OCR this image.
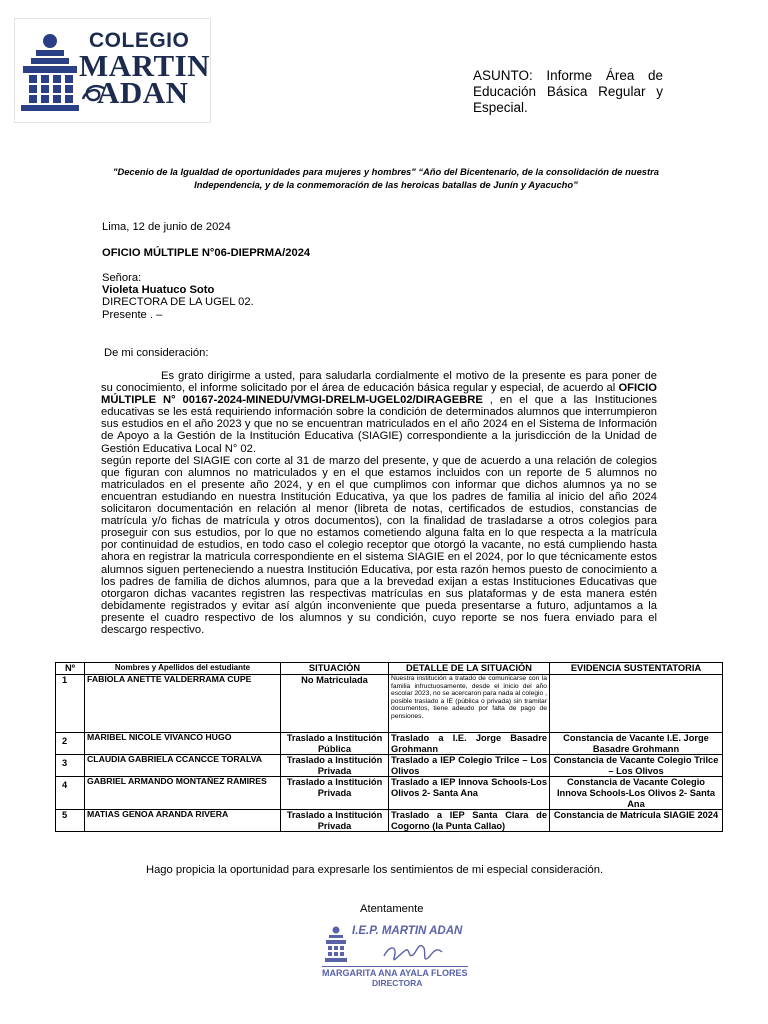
COLEGIO
MARTIN
ADAN	ASUNTO: Informe Área de Educación Básica Regular y Especial.
"Decenio de la Igualdad de oportunidades para mujeres y hombres" “Año del Bicentenario, de la consolidación de nuestra Independencia, y de la conmemoración de las heroicas batallas de Junín y Ayacucho”
Lima, 12 de junio de 2024
OFICIO MÚLTIPLE N°06-DIEPRMA/2024
Señora:
Violeta Huatuco Soto
DIRECTORA DE LA UGEL 02.
Presente . –
De mi consideración:
Es grato dirigirme a usted, para saludarla cordialmente el motivo de la presente es para poner de su conocimiento, el informe solicitado por el área de educación básica regular y especial, de acuerdo al OFICIO MÚLTIPLE N° 00167-2024-MINEDU/VMGI-DRELM-UGEL02/DIRAGEBRE , en el que a las Instituciones educativas se les está requiriendo información sobre la condición de determinados alumnos que interrumpieron sus estudios en el año 2023 y que no se encuentran matriculados en el año 2024 en el Sistema de Información de Apoyo a la Gestión de la Institución Educativa (SIAGIE) correspondiente a la jurisdicción de la Unidad de Gestión Educativa Local N° 02.
según reporte del SIAGIE con corte al 31 de marzo del presente, y que de acuerdo a una relación de colegios que figuran con alumnos no matriculados y en el que estamos incluidos con un reporte de 5 alumnos no matriculados en el presente año 2024, y en el que cumplimos con informar que dichos alumnos ya no se encuentran estudiando en nuestra Institución Educativa, ya que los padres de familia al inicio del año 2024 solicitaron documentación en relación al menor (libreta de notas, certificados de estudios, constancias de matrícula y/o fichas de matrícula y otros documentos), con la finalidad de trasladarse a otros colegios para proseguir con sus estudios, por lo que no estamos cometiendo alguna falta en lo que respecta a la matrícula por continuidad de estudios, en todo caso el colegio receptor que otorgó la vacante, no está cumpliendo hasta ahora en registrar la matricula correspondiente en el sistema SIAGIE en el 2024, por lo que técnicamente estos alumnos siguen perteneciendo a nuestra Institución Educativa, por esta razón hemos puesto de conocimiento a los padres de familia de dichos alumnos, para que a la brevedad exijan a estas Instituciones Educativas que otorgaron dichas vacantes registren las respectivas matrículas en sus plataformas y de esta manera estén debidamente registrados y evitar así algún inconveniente que pueda presentarse a futuro, adjuntamos a la presente el cuadro respectivo de los alumnos y su condición, cuyo reporte se nos fuera enviado para el descargo respectivo.
Nº	Nombres y Apellidos del estudiante	SITUACIÓN	DETALLE DE LA SITUACIÓN	EVIDENCIA SUSTENTATORIA
1	FABIOLA ANETTE VALDERRAMA CUPE	No Matriculada	Nuestra institución a tratado de comunicarse con la familia infructuosamente, desde el inicio del año escolar 2023, no se acercaron para nada al colegio , posible traslado a IE (pública o privada) sin tramitar documentos, tiene adeudo por falta de pago de pensiones.	
2	MARIBEL NICOLE VIVANCO HUGO	Traslado a Institución Pública	Traslado a I.E. Jorge Basadre Grohmann	Constancia de Vacante I.E. Jorge Basadre Grohmann
3	CLAUDIA GABRIELA CCANCCE TORALVA	Traslado a Institución Privada	Traslado a IEP Colegio Trilce – Los Olivos	Constancia de Vacante Colegio Trilce – Los Olivos
4	GABRIEL ARMANDO MONTAÑEZ RAMIRES	Traslado a Institución Privada	Traslado a IEP Innova Schools-Los Olivos 2- Santa Ana	Constancia de Vacante Colegio Innova Schools-Los Olivos 2- Santa Ana
5	MATIAS GENOA ARANDA RIVERA	Traslado a Institución Privada	Traslado a IEP Santa Clara de Cogorno (la Punta Callao)	Constancia de Matrícula SIAGIE 2024
Hago propicia la oportunidad para expresarle los sentimientos de mi especial consideración.
Atentamente
I.E.P. MARTIN ADAN
MARGARITA ANA AYALA FLORES
DIRECTORA
